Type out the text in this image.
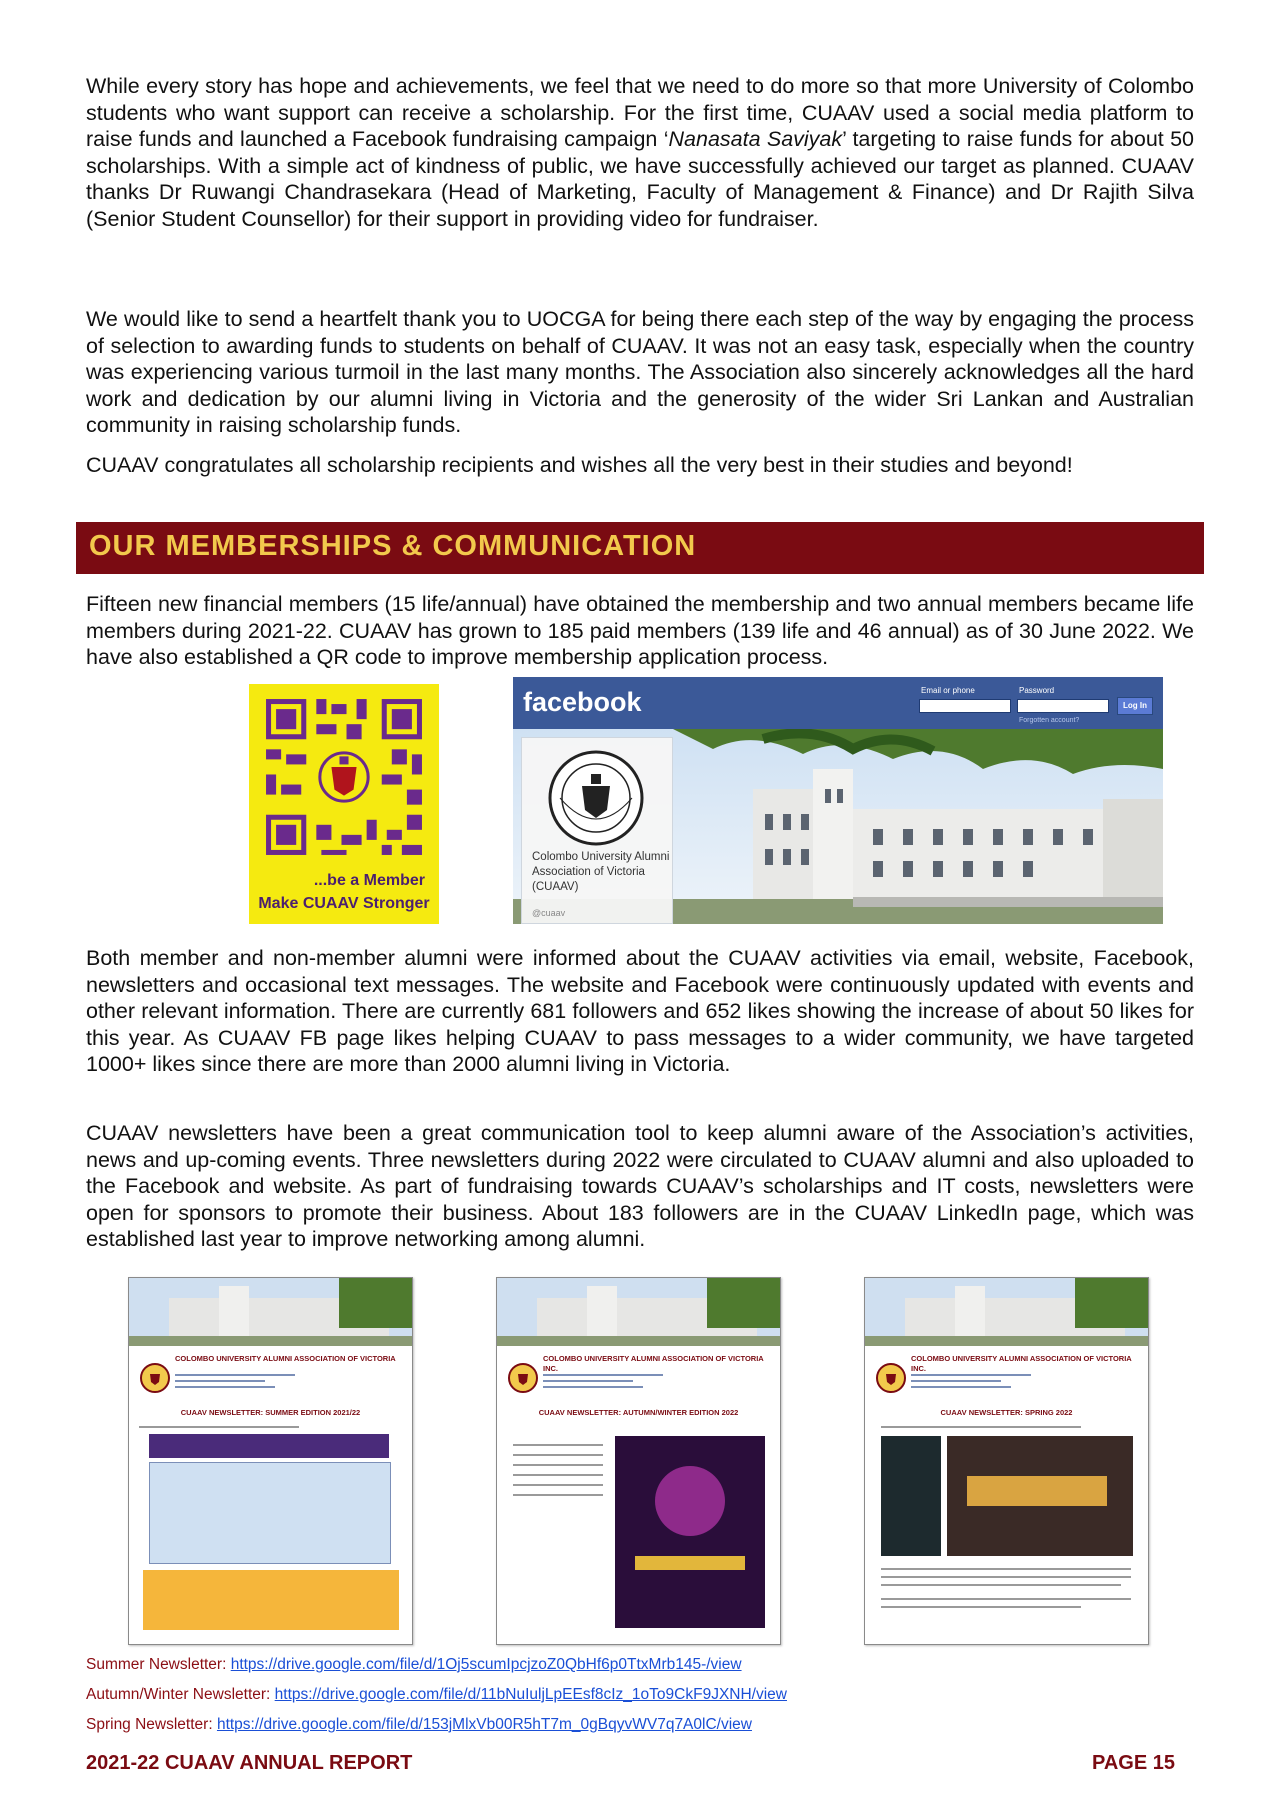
While every story has hope and achievements, we feel that we need to do more so that more University of Colombo students who want support can receive a scholarship. For the first time, CUAAV used a social media platform to raise funds and launched a Facebook fundraising campaign ‘Nanasata Saviyak’ targeting to raise funds for about 50 scholarships. With a simple act of kindness of public, we have successfully achieved our target as planned. CUAAV thanks Dr Ruwangi Chandrasekara (Head of Marketing, Faculty of Management & Finance) and Dr Rajith Silva (Senior Student Counsellor) for their support in providing video for fundraiser.

We would like to send a heartfelt thank you to UOCGA for being there each step of the way by engaging the process of selection to awarding funds to students on behalf of CUAAV. It was not an easy task, especially when the country was experiencing various turmoil in the last many months. The Association also sincerely acknowledges all the hard work and dedication by our alumni living in Victoria and the generosity of the wider Sri Lankan and Australian community in raising scholarship funds.

CUAAV congratulates all scholarship recipients and wishes all the very best in their studies and beyond!

OUR MEMBERSHIPS & COMMUNICATION

Fifteen new financial members (15 life/annual) have obtained the membership and two annual members became life members during 2021-22. CUAAV has grown to 185 paid members (139 life and 46 annual) as of 30 June 2022. We have also established a QR code to improve membership application process.

...be a Member
Make CUAAV Stronger
facebook	Email or phone	Password
Log In
Forgotten account?
Colombo University Alumni Association of Victoria (CUAAV)
@cuaav

Both member and non-member alumni were informed about the CUAAV activities via email, website, Facebook, newsletters and occasional text messages. The website and Facebook were continuously updated with events and other relevant information. There are currently 681 followers and 652 likes showing the increase of about 50 likes for this year. As CUAAV FB page likes helping CUAAV to pass messages to a wider community, we have targeted 1000+ likes since there are more than 2000 alumni living in Victoria.

CUAAV newsletters have been a great communication tool to keep alumni aware of the Association’s activities, news and up-coming events. Three newsletters during 2022 were circulated to CUAAV alumni and also uploaded to the Facebook and website. As part of fundraising towards CUAAV’s scholarships and IT costs, newsletters were open for sponsors to promote their business. About 183 followers are in the CUAAV LinkedIn page, which was established last year to improve networking among alumni.

COLOMBO UNIVERSITY ALUMNI ASSOCIATION OF VICTORIA
CUAAV NEWSLETTER: SUMMER EDITION 2021/22
COLOMBO UNIVERSITY ALUMNI ASSOCIATION OF VICTORIA INC.
CUAAV NEWSLETTER: AUTUMN/WINTER EDITION 2022
COLOMBO UNIVERSITY ALUMNI ASSOCIATION OF VICTORIA INC.
CUAAV NEWSLETTER: SPRING 2022
Summer Newsletter: https://drive.google.com/file/d/1Oj5scumIpcjzoZ0QbHf6p0TtxMrb145-/view
Autumn/Winter Newsletter: https://drive.google.com/file/d/11bNuIuljLpEEsf8cIz_1oTo9CkF9JXNH/view
Spring Newsletter: https://drive.google.com/file/d/153jMlxVb00R5hT7m_0gBqyvWV7q7A0lC/view
2021-22 CUAAV ANNUAL REPORT	PAGE 15
